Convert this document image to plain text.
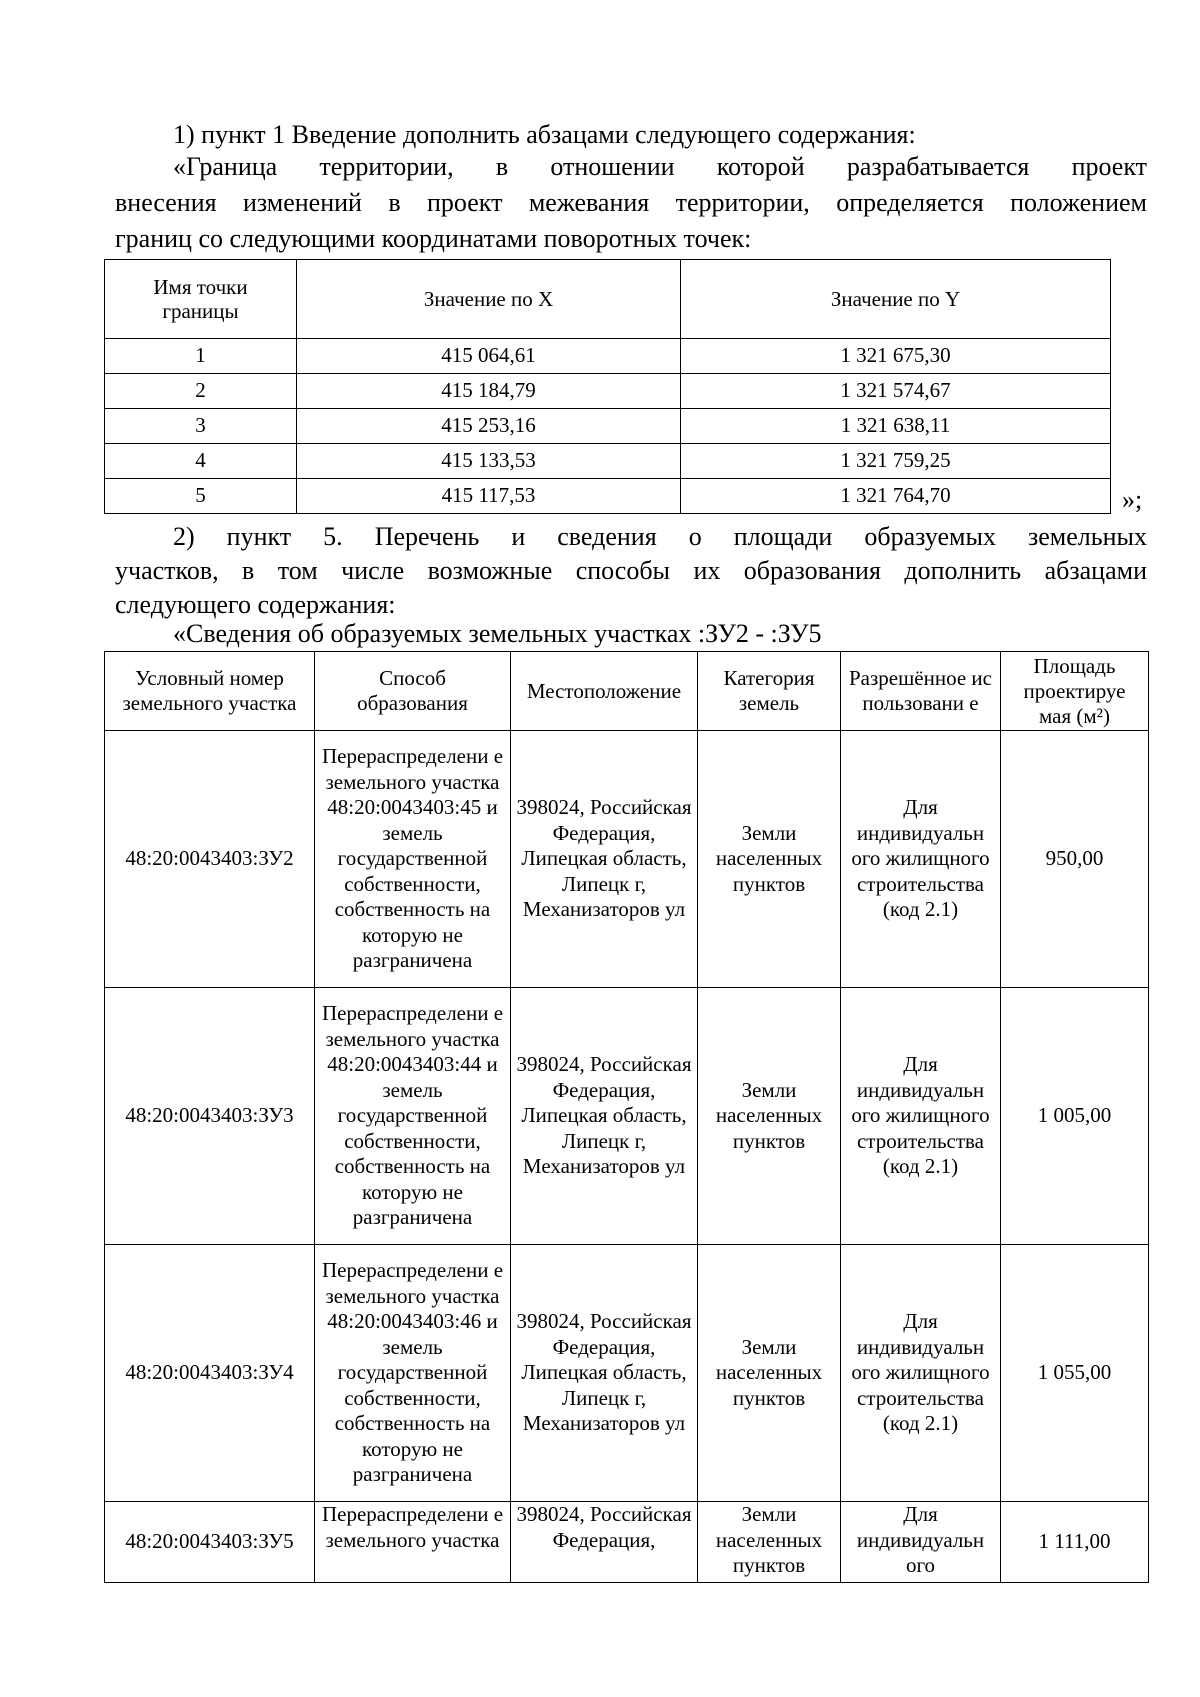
1) пункт 1 Введение дополнить абзацами следующего содержания:

«Граница территории, в отношении которой разрабатывается проект

внесения изменений в проект межевания территории, определяется положением

границ со следующими координатами поворотных точек:

Имя точки границы	Значение по X	Значение по Y
1	415 064,61	1 321 675,30
2	415 184,79	1 321 574,67
3	415 253,16	1 321 638,11
4	415 133,53	1 321 759,25
5	415 117,53	1 321 764,70	»;

2) пункт 5. Перечень и сведения о площади образуемых земельных

участков, в том числе возможные способы их образования дополнить абзацами

следующего содержания:

«Сведения об образуемых земельных участках :ЗУ2 - :ЗУ5

Условный номер земельного участка	Способ образования	Местоположение	Категория земель	Разрешённое использовани е	Площадь проектируе мая (м²)
48:20:0043403:ЗУ2	Перераспределени е земельного участка 48:20:0043403:45 и земель государственной собственности, собственность на которую не разграничена	398024, Российская Федерация, Липецкая область, Липецк г, Механизаторов ул	Земли населенных пунктов	Для индивидуальн ого жилищного строительства (код 2.1)	950,00
48:20:0043403:ЗУ3	Перераспределени е земельного участка 48:20:0043403:44 и земель государственной собственности, собственность на которую не разграничена	398024, Российская Федерация, Липецкая область, Липецк г, Механизаторов ул	Земли населенных пунктов	Для индивидуальн ого жилищного строительства (код 2.1)	1 005,00
48:20:0043403:ЗУ4	Перераспределени е земельного участка 48:20:0043403:46 и земель государственной собственности, собственность на которую не разграничена	398024, Российская Федерация, Липецкая область, Липецк г, Механизаторов ул	Земли населенных пунктов	Для индивидуальн ого жилищного строительства (код 2.1)	1 055,00
48:20:0043403:ЗУ5	Перераспределени е земельного участка	398024, Российская Федерация,	Земли населенных пунктов	Для индивидуальн ого	1 111,00
